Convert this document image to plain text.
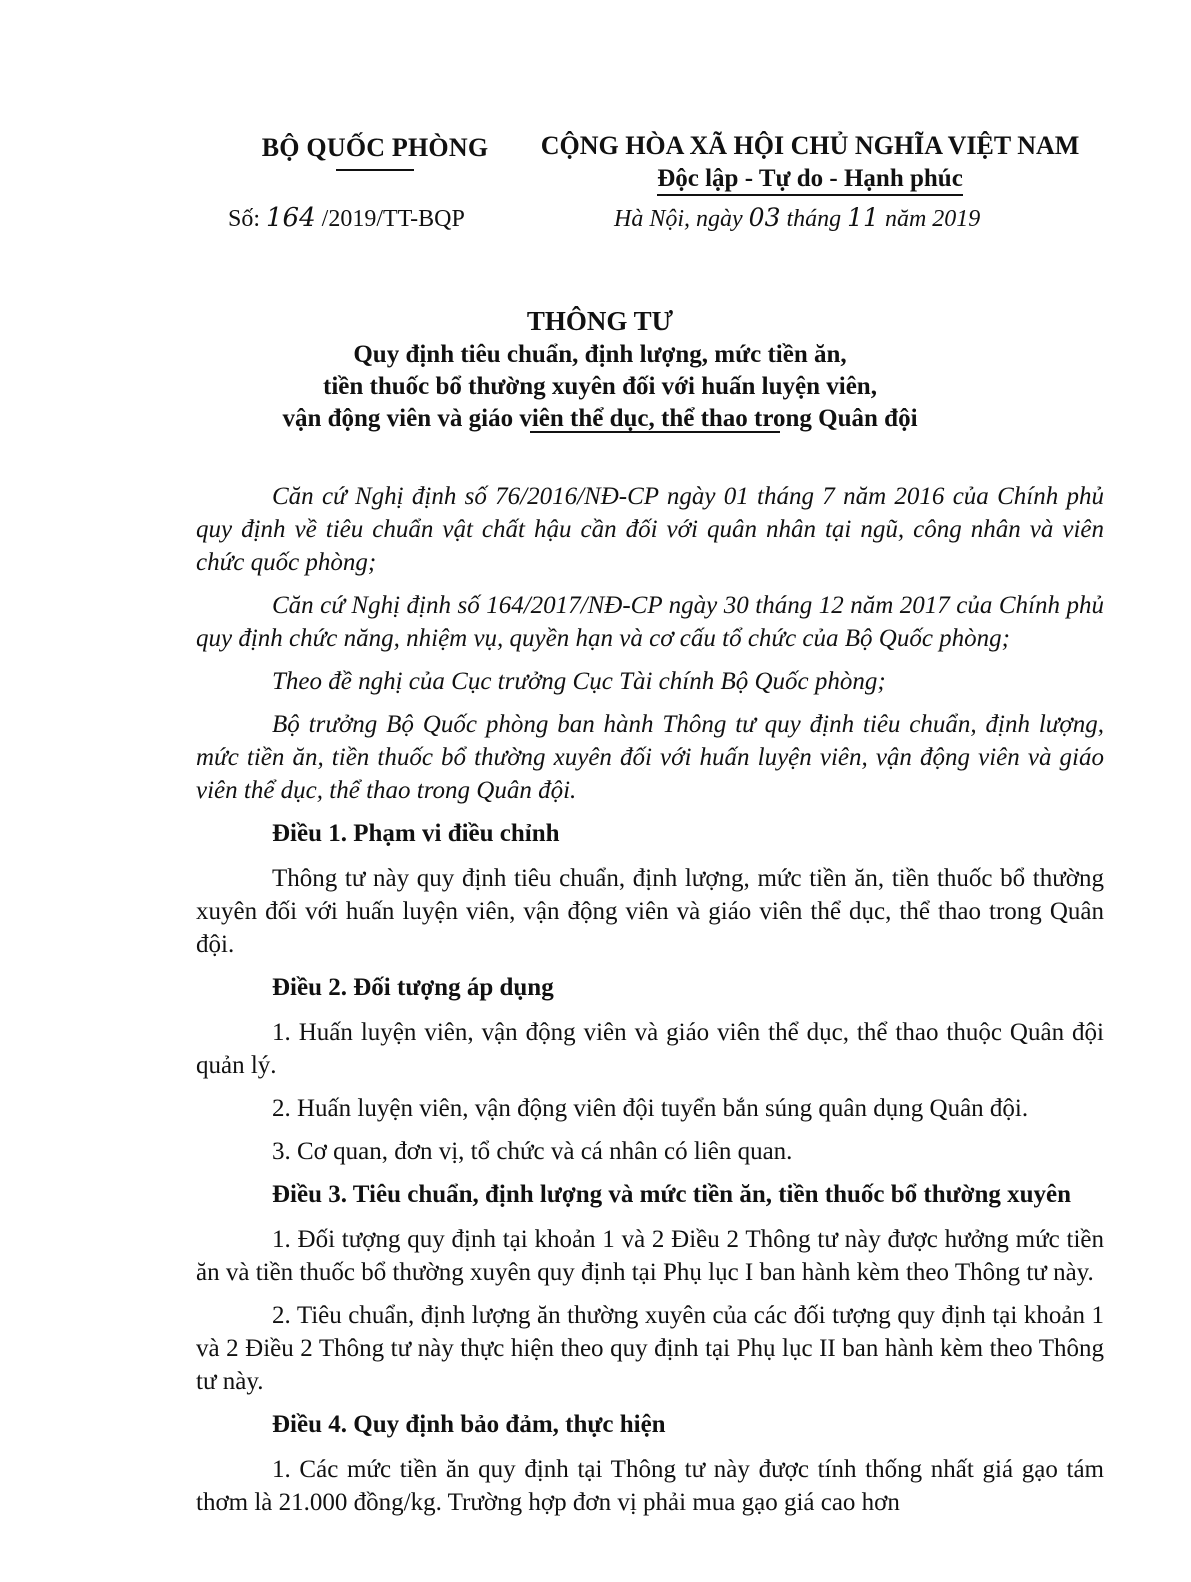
BỘ QUỐC PHÒNG	CỘNG HÒA XÃ HỘI CHỦ NGHĨA VIỆT NAM
Độc lập - Tự do - Hạnh phúc
Số: 164 /2019/TT-BQP	Hà Nội, ngày 03 tháng 11 năm 2019
THÔNG TƯ
Quy định tiêu chuẩn, định lượng, mức tiền ăn,
tiền thuốc bổ thường xuyên đối với huấn luyện viên,
vận động viên và giáo viên thể dục, thể thao trong Quân đội

Căn cứ Nghị định số 76/2016/NĐ-CP ngày 01 tháng 7 năm 2016 của Chính phủ quy định về tiêu chuẩn vật chất hậu cần đối với quân nhân tại ngũ, công nhân và viên chức quốc phòng;

Căn cứ Nghị định số 164/2017/NĐ-CP ngày 30 tháng 12 năm 2017 của Chính phủ quy định chức năng, nhiệm vụ, quyền hạn và cơ cấu tổ chức của Bộ Quốc phòng;

Theo đề nghị của Cục trưởng Cục Tài chính Bộ Quốc phòng;

Bộ trưởng Bộ Quốc phòng ban hành Thông tư quy định tiêu chuẩn, định lượng, mức tiền ăn, tiền thuốc bổ thường xuyên đối với huấn luyện viên, vận động viên và giáo viên thể dục, thể thao trong Quân đội.

Điều 1. Phạm vi điều chỉnh

Thông tư này quy định tiêu chuẩn, định lượng, mức tiền ăn, tiền thuốc bổ thường xuyên đối với huấn luyện viên, vận động viên và giáo viên thể dục, thể thao trong Quân đội.

Điều 2. Đối tượng áp dụng

1. Huấn luyện viên, vận động viên và giáo viên thể dục, thể thao thuộc Quân đội quản lý.

2. Huấn luyện viên, vận động viên đội tuyển bắn súng quân dụng Quân đội.

3. Cơ quan, đơn vị, tổ chức và cá nhân có liên quan.

Điều 3. Tiêu chuẩn, định lượng và mức tiền ăn, tiền thuốc bổ thường xuyên

1. Đối tượng quy định tại khoản 1 và 2 Điều 2 Thông tư này được hưởng mức tiền ăn và tiền thuốc bổ thường xuyên quy định tại Phụ lục I ban hành kèm theo Thông tư này.

2. Tiêu chuẩn, định lượng ăn thường xuyên của các đối tượng quy định tại khoản 1 và 2 Điều 2 Thông tư này thực hiện theo quy định tại Phụ lục II ban hành kèm theo Thông tư này.

Điều 4. Quy định bảo đảm, thực hiện

1. Các mức tiền ăn quy định tại Thông tư này được tính thống nhất giá gạo tám thơm là 21.000 đồng/kg. Trường hợp đơn vị phải mua gạo giá cao hơn
